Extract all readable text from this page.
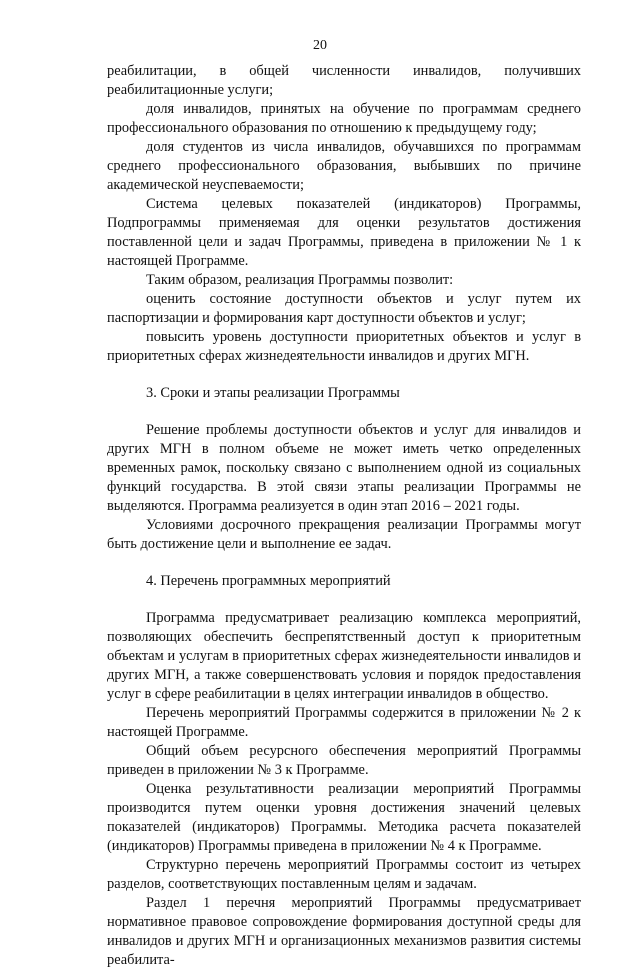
20

реабилитации, в общей численности инвалидов, получивших реабилитационные услуги;

доля инвалидов, принятых на обучение по программам среднего профессионального образования по отношению к предыдущему году;

доля студентов из числа инвалидов, обучавшихся по программам среднего профессионального образования, выбывших по причине академической неуспеваемости;

Система целевых показателей (индикаторов) Программы, Подпрограммы применяемая для оценки результатов достижения поставленной цели и задач Программы, приведена в приложении № 1 к настоящей Программе.

Таким образом, реализация Программы позволит:

оценить состояние доступности объектов и услуг путем их паспортизации и формирования карт доступности объектов и услуг;

повысить уровень доступности приоритетных объектов и услуг в приоритетных сферах жизнедеятельности инвалидов и других МГН.

3. Сроки и этапы реализации Программы

Решение проблемы доступности объектов и услуг для инвалидов и других МГН в полном объеме не может иметь четко определенных временных рамок, поскольку связано с выполнением одной из социальных функций государства. В этой связи этапы реализации Программы не выделяются. Программа реализуется в один этап 2016 – 2021 годы.

Условиями досрочного прекращения реализации Программы могут быть достижение цели и выполнение ее задач.

4. Перечень программных мероприятий

Программа предусматривает реализацию комплекса мероприятий, позволяющих обеспечить беспрепятственный доступ к приоритетным объектам и услугам в приоритетных сферах жизнедеятельности инвалидов и других МГН, а также совершенствовать условия и порядок предоставления услуг в сфере реабилитации в целях интеграции инвалидов в общество.

Перечень мероприятий Программы содержится в приложении № 2 к настоящей Программе.

Общий объем ресурсного обеспечения мероприятий Программы приведен в приложении № 3 к Программе.

Оценка результативности реализации мероприятий Программы производится путем оценки уровня достижения значений целевых показателей (индикаторов) Программы. Методика расчета показателей (индикаторов) Программы приведена в приложении № 4 к Программе.

Структурно перечень мероприятий Программы состоит из четырех разделов, соответствующих поставленным целям и задачам.

Раздел 1 перечня мероприятий Программы предусматривает нормативное правовое сопровождение формирования доступной среды для инвалидов и других МГН и организационных механизмов развития системы реабилита-
